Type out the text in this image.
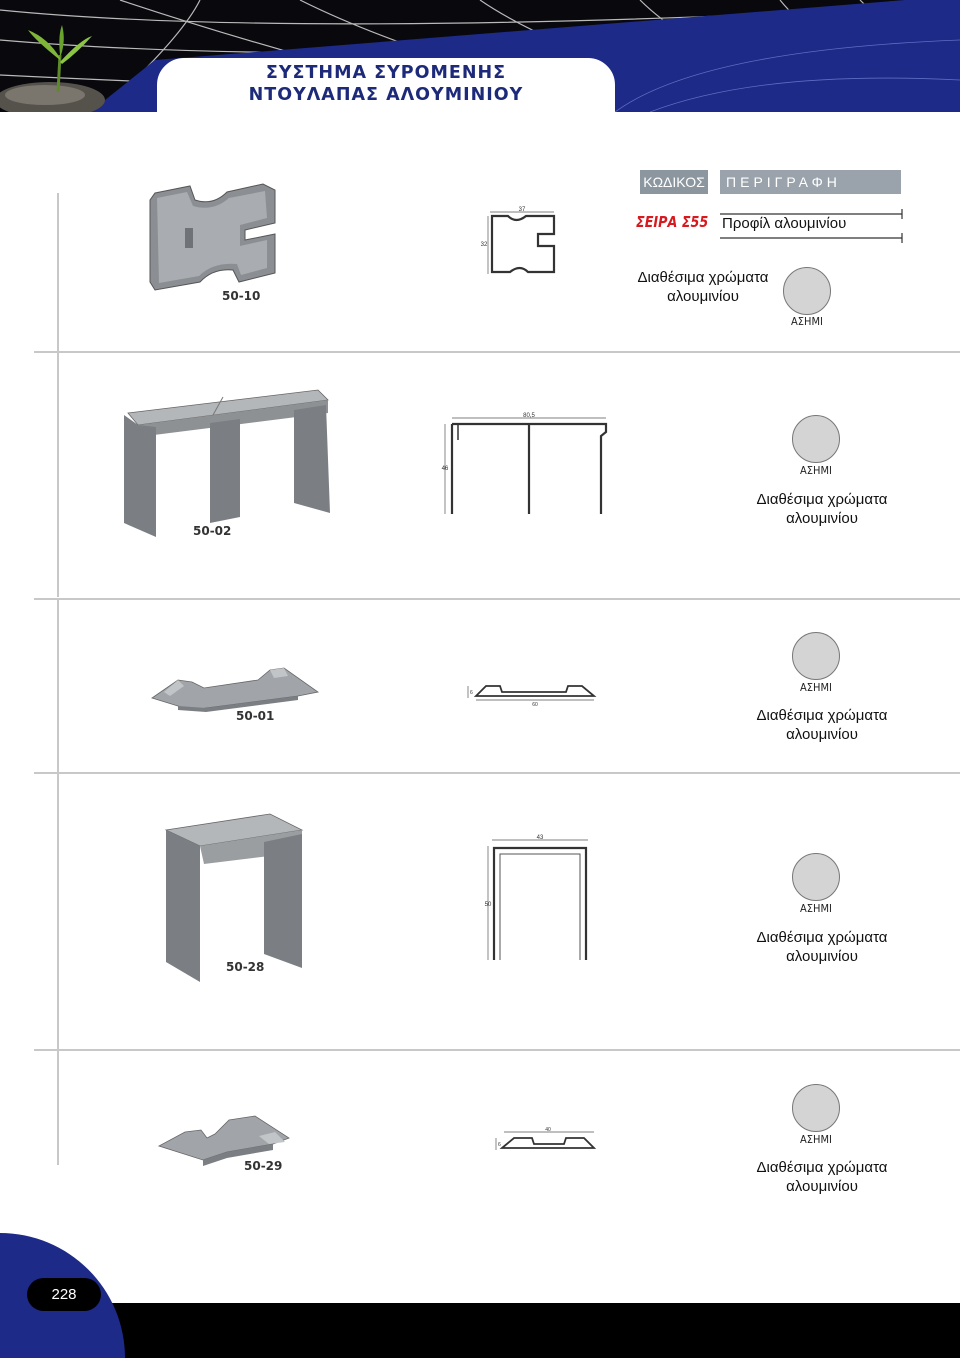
ΣΥΣΤΗΜΑ ΣΥΡΟΜΕΝΗΣ
ΝΤΟΥΛΑΠΑΣ ΑΛΟΥΜΙΝΙΟΥ
ΚΩΔΙΚΟΣ	ΠΕΡΙΓΡΑΦΗ
ΣΕΙΡΑ Σ55 Προφίλ αλουμινίου
50-10
37
32
Διαθέσιμα χρώματα
αλουμινίου
ΑΣΗΜΙ
50-02
80,5
46	ΑΣΗΜΙ
Διαθέσιμα χρώματα
αλουμινίου
50-01
6
60
ΑΣΗΜΙ
Διαθέσιμα χρώματα
αλουμινίου
50-28
43
50	ΑΣΗΜΙ
Διαθέσιμα χρώματα
αλουμινίου
50-29
40
6	ΑΣΗΜΙ
Διαθέσιμα χρώματα
αλουμινίου
228
